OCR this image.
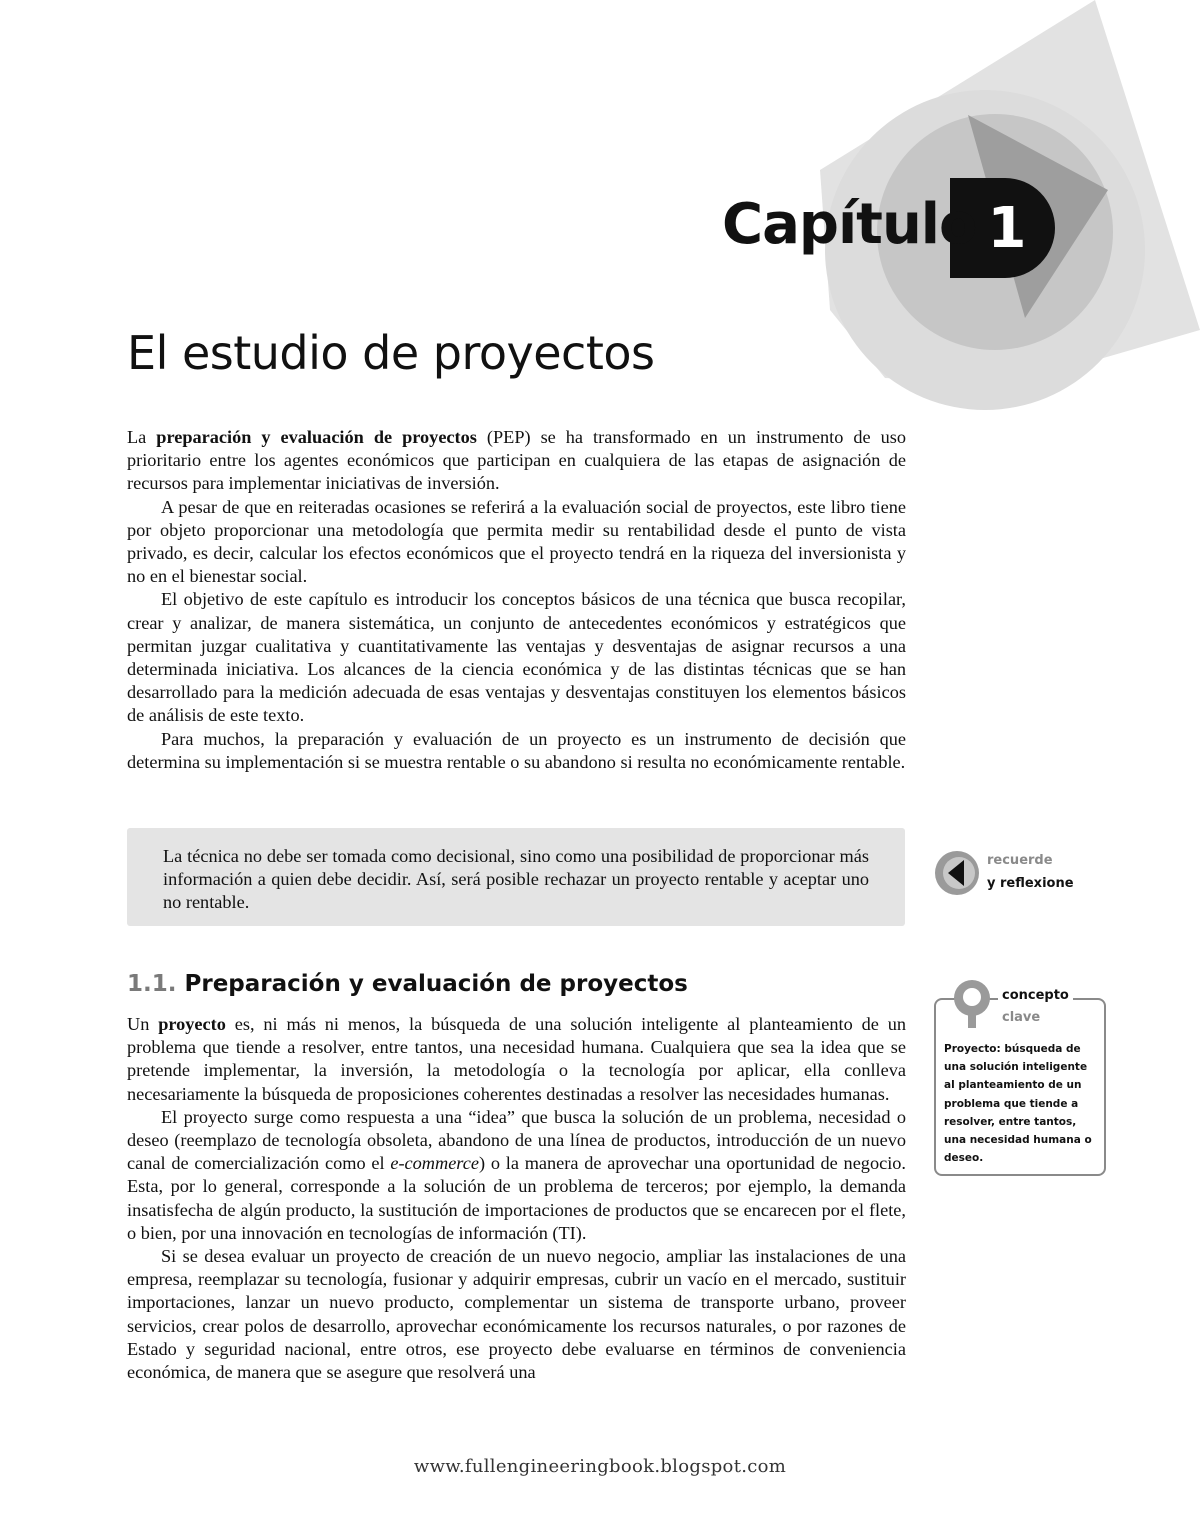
Capítulo 1
El estudio de proyectos

La preparación y evaluación de proyectos (PEP) se ha transformado en un instrumento de uso prioritario entre los agentes económicos que participan en cualquiera de las etapas de asignación de recursos para implementar iniciativas de inversión.

A pesar de que en reiteradas ocasiones se referirá a la evaluación social de proyectos, este libro tiene por objeto proporcionar una metodología que permita medir su rentabilidad desde el punto de vista privado, es decir, calcular los efectos económicos que el proyecto tendrá en la riqueza del inversionista y no en el bienestar social.

El objetivo de este capítulo es introducir los conceptos básicos de una técnica que busca recopilar, crear y analizar, de manera sistemática, un conjunto de antecedentes económicos y estratégicos que permitan juzgar cualitativa y cuantitativamente las ventajas y desventajas de asignar recursos a una determinada iniciativa. Los alcances de la ciencia económica y de las distintas técnicas que se han desarrollado para la medición adecuada de esas ventajas y desventajas constituyen los elementos básicos de análisis de este texto.

Para muchos, la preparación y evaluación de un proyecto es un instrumento de decisión que determina su implementación si se muestra rentable o su abandono si resulta no económicamente rentable.

La técnica no debe ser tomada como decisional, sino como una posibilidad de proporcionar más información a quien debe decidir. Así, será posible rechazar un proyecto rentable y aceptar uno no rentable.
recuerde
y reflexione
1.1. Preparación y evaluación de proyectos

Un proyecto es, ni más ni menos, la búsqueda de una solución inteligente al planteamiento de un problema que tiende a resolver, entre tantos, una necesidad humana. Cualquiera que sea la idea que se pretende implementar, la inversión, la metodología o la tecnología por aplicar, ella conlleva necesariamente la búsqueda de proposiciones coherentes destinadas a resolver las necesidades humanas.

El proyecto surge como respuesta a una “idea” que busca la solución de un problema, necesidad o deseo (reemplazo de tecnología obsoleta, abandono de una línea de productos, introducción de un nuevo canal de comercialización como el e-commerce) o la manera de aprovechar una oportunidad de negocio. Esta, por lo general, corresponde a la solución de un problema de terceros; por ejemplo, la demanda insatisfecha de algún producto, la sustitución de importaciones de productos que se encarecen por el flete, o bien, por una innovación en tecnologías de información (TI).

Si se desea evaluar un proyecto de creación de un nuevo negocio, ampliar las instalaciones de una empresa, reemplazar su tecnología, fusionar y adquirir empresas, cubrir un vacío en el mercado, sustituir importaciones, lanzar un nuevo producto, complementar un sistema de transporte urbano, proveer servicios, crear polos de desarrollo, aprovechar económicamente los recursos naturales, o por razones de Estado y seguridad nacional, entre otros, ese proyecto debe evaluarse en términos de conveniencia económica, de manera que se asegure que resolverá una

concepto
clave
Proyecto: búsqueda de una solución inteligente al planteamiento de un problema que tiende a resolver, entre tantos, una necesidad humana o deseo.
www.fullengineeringbook.blogspot.com
